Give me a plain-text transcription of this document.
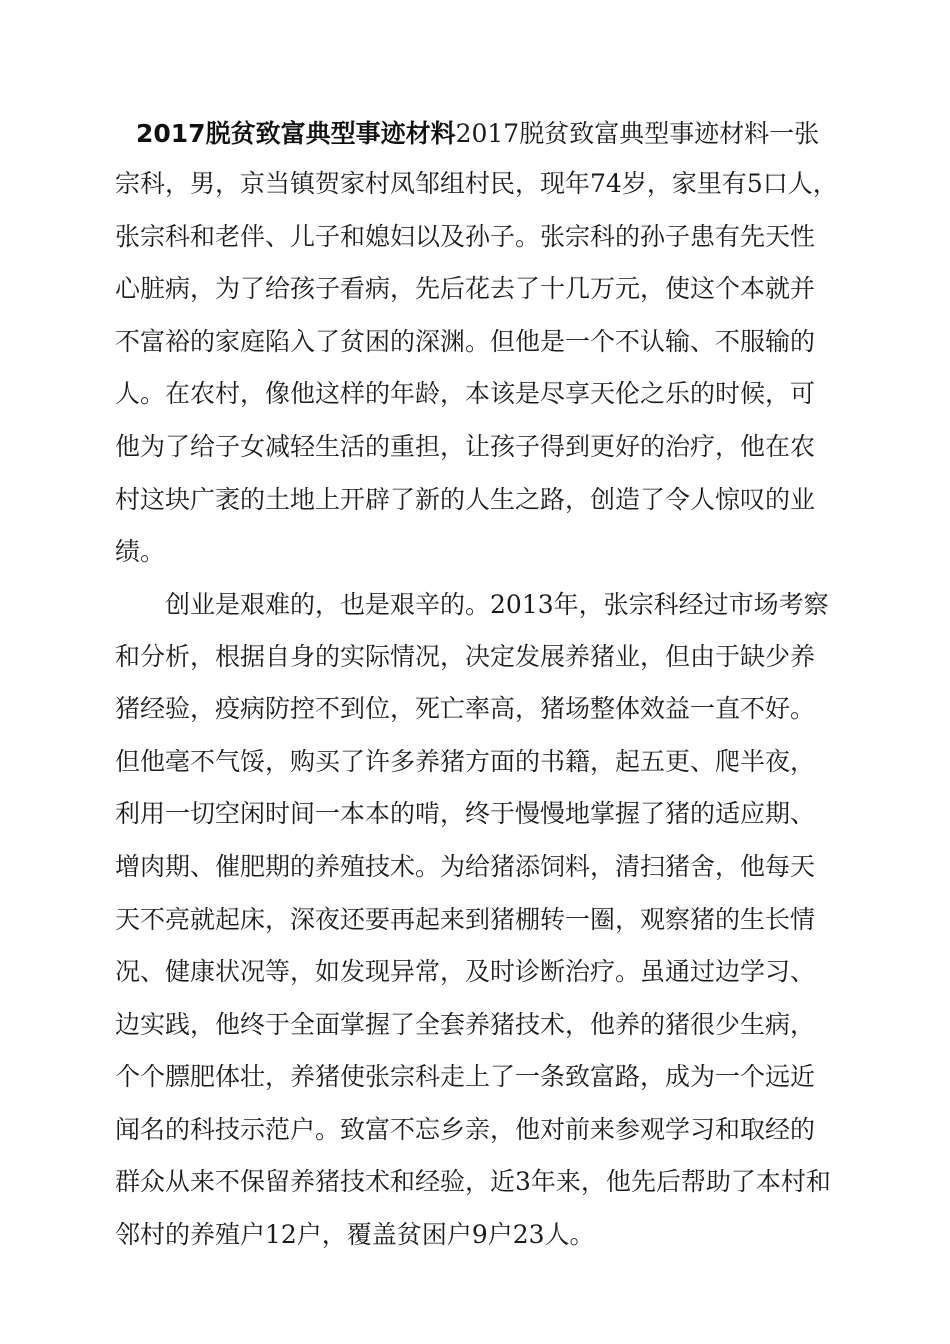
2017脱贫致富典型事迹材料2017脱贫致富典型事迹材料一张
宗科，男，京当镇贺家村凤邹组村民，现年74岁，家里有5口人，
张宗科和老伴、儿子和媳妇以及孙子。张宗科的孙子患有先天性
心脏病，为了给孩子看病，先后花去了十几万元，使这个本就并
不富裕的家庭陷入了贫困的深渊。但他是一个不认输、不服输的
人。在农村，像他这样的年龄，本该是尽享天伦之乐的时候，可
他为了给子女减轻生活的重担，让孩子得到更好的治疗，他在农
村这块广袤的土地上开辟了新的人生之路，创造了令人惊叹的业
绩。
创业是艰难的，也是艰辛的。2013年，张宗科经过市场考察
和分析，根据自身的实际情况，决定发展养猪业，但由于缺少养
猪经验，疫病防控不到位，死亡率高，猪场整体效益一直不好。
但他毫不气馁，购买了许多养猪方面的书籍，起五更、爬半夜，
利用一切空闲时间一本本的啃，终于慢慢地掌握了猪的适应期、
增肉期、催肥期的养殖技术。为给猪添饲料，清扫猪舍，他每天
天不亮就起床，深夜还要再起来到猪棚转一圈，观察猪的生长情
况、健康状况等，如发现异常，及时诊断治疗。虽通过边学习、
边实践，他终于全面掌握了全套养猪技术，他养的猪很少生病，
个个膘肥体壮，养猪使张宗科走上了一条致富路，成为一个远近
闻名的科技示范户。致富不忘乡亲，他对前来参观学习和取经的
群众从来不保留养猪技术和经验，近3年来，他先后帮助了本村和
邻村的养殖户12户，覆盖贫困户9户23人。
